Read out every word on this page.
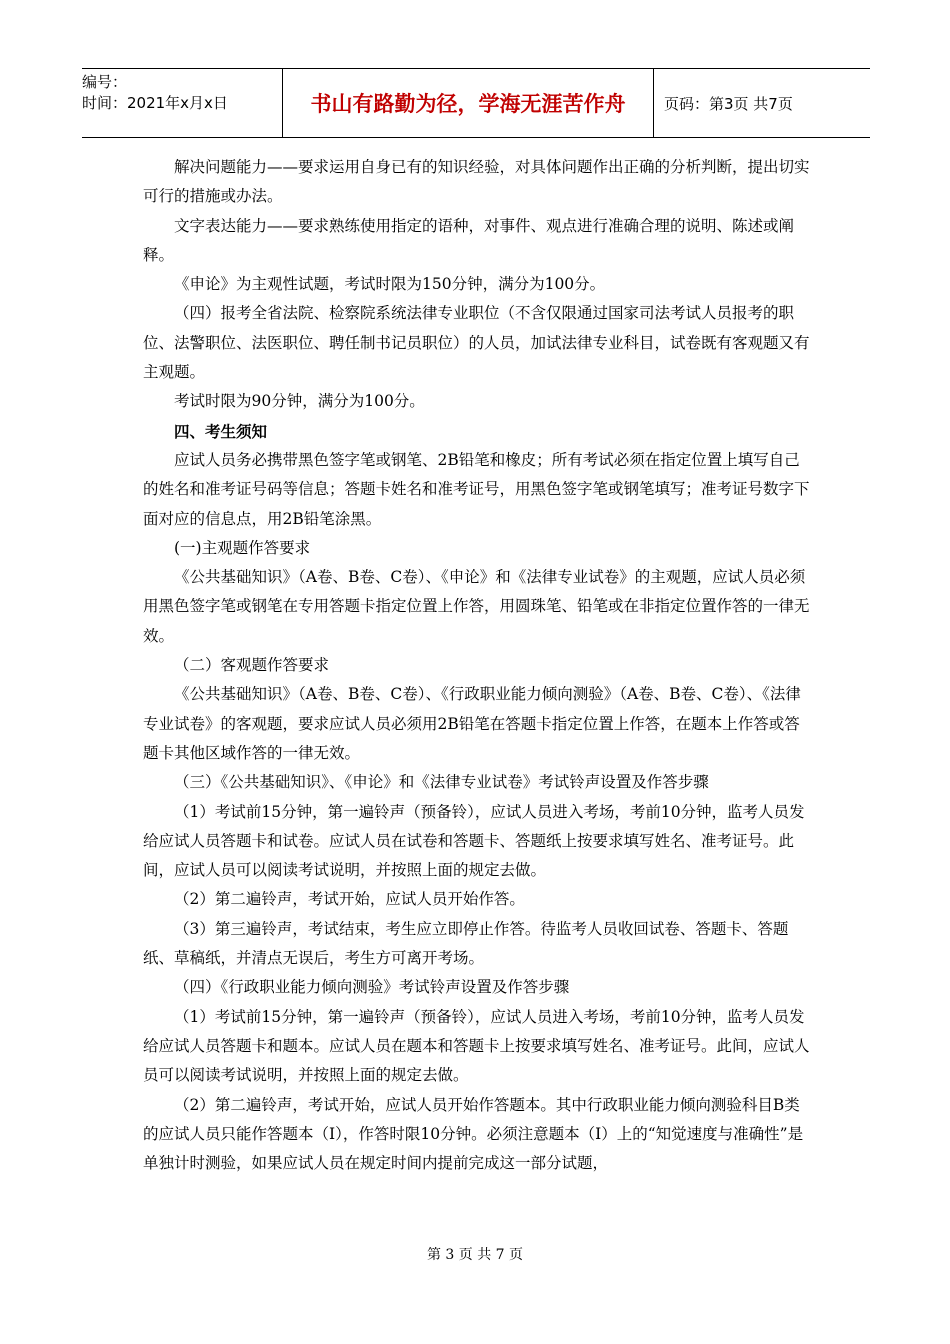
编号：
时间：2021年x月x日	书山有路勤为径，学海无涯苦作舟	页码：第3页 共7页

解决问题能力——要求运用自身已有的知识经验，对具体问题作出正确的分析判断，提出切实可行的措施或办法。

文字表达能力——要求熟练使用指定的语种，对事件、观点进行准确合理的说明、陈述或阐释。

《申论》为主观性试题，考试时限为150分钟，满分为100分。

（四）报考全省法院、检察院系统法律专业职位（不含仅限通过国家司法考试人员报考的职位、法警职位、法医职位、聘任制书记员职位）的人员，加试法律专业科目，试卷既有客观题又有主观题。

考试时限为90分钟，满分为100分。

四、考生须知

应试人员务必携带黑色签字笔或钢笔、2B铅笔和橡皮；所有考试必须在指定位置上填写自己的姓名和准考证号码等信息；答题卡姓名和准考证号，用黑色签字笔或钢笔填写；准考证号数字下面对应的信息点，用2B铅笔涂黑。

(一)主观题作答要求

《公共基础知识》（A卷、B卷、C卷）、《申论》和《法律专业试卷》的主观题，应试人员必须用黑色签字笔或钢笔在专用答题卡指定位置上作答，用圆珠笔、铅笔或在非指定位置作答的一律无效。

（二）客观题作答要求

《公共基础知识》（A卷、B卷、C卷）、《行政职业能力倾向测验》（A卷、B卷、C卷）、《法律专业试卷》的客观题，要求应试人员必须用2B铅笔在答题卡指定位置上作答，在题本上作答或答题卡其他区域作答的一律无效。

（三）《公共基础知识》、《申论》和《法律专业试卷》考试铃声设置及作答步骤

（1）考试前15分钟，第一遍铃声（预备铃），应试人员进入考场，考前10分钟，监考人员发给应试人员答题卡和试卷。应试人员在试卷和答题卡、答题纸上按要求填写姓名、准考证号。此间，应试人员可以阅读考试说明，并按照上面的规定去做。

（2）第二遍铃声，考试开始，应试人员开始作答。

（3）第三遍铃声，考试结束，考生应立即停止作答。待监考人员收回试卷、答题卡、答题纸、草稿纸，并清点无误后，考生方可离开考场。

（四）《行政职业能力倾向测验》考试铃声设置及作答步骤

（1）考试前15分钟，第一遍铃声（预备铃），应试人员进入考场，考前10分钟，监考人员发给应试人员答题卡和题本。应试人员在题本和答题卡上按要求填写姓名、准考证号。此间，应试人员可以阅读考试说明，并按照上面的规定去做。

（2）第二遍铃声，考试开始，应试人员开始作答题本。其中行政职业能力倾向测验科目B类的应试人员只能作答题本（Ⅰ），作答时限10分钟。必须注意题本（Ⅰ）上的“知觉速度与准确性”是单独计时测验，如果应试人员在规定时间内提前完成这一部分试题，

第 3 页 共 7 页
